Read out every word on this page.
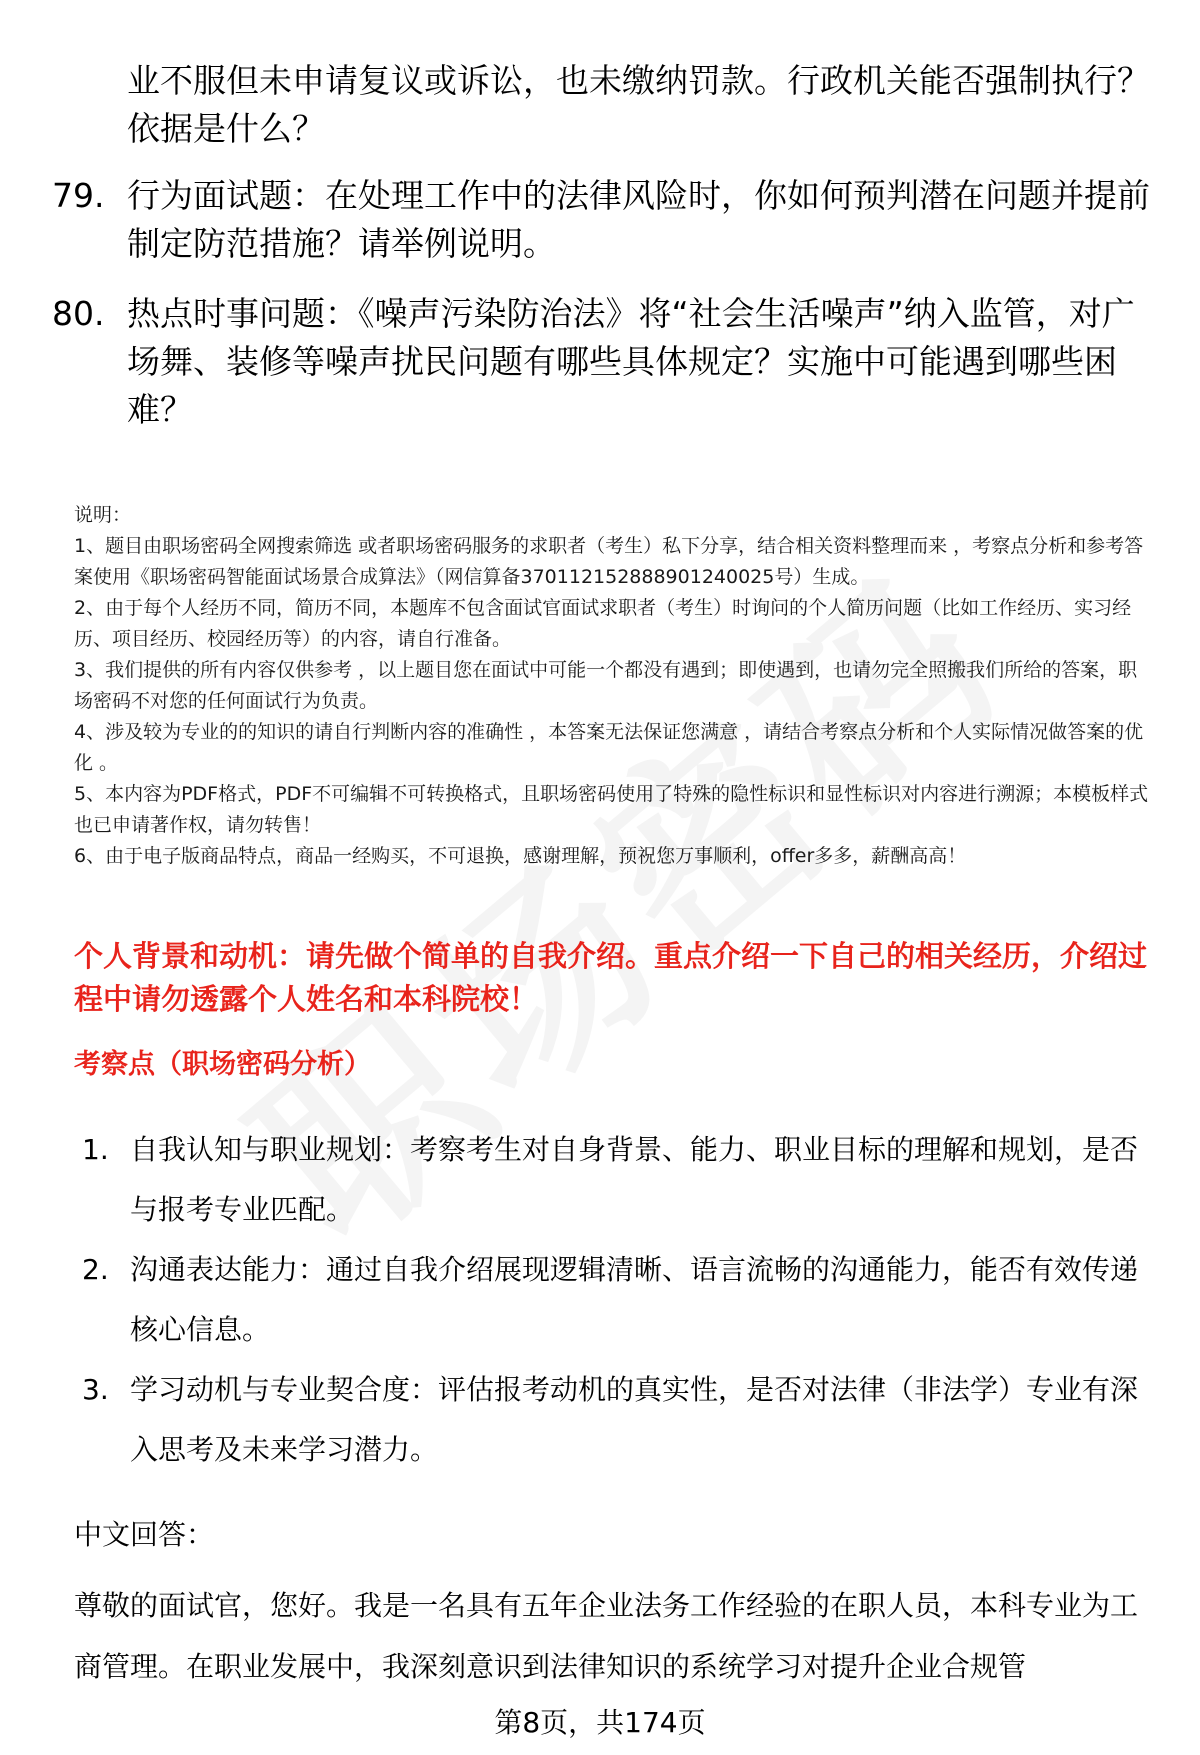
业不服但未申请复议或诉讼，也未缴纳罚款。行政机关能否强制执行？依据是什么？
79. 行为面试题：在处理工作中的法律风险时，你如何预判潜在问题并提前制定防范措施？请举例说明。
80. 热点时事问题：《噪声污染防治法》将“社会生活噪声”纳入监管，对广场舞、装修等噪声扰民问题有哪些具体规定？实施中可能遇到哪些困难？

说明：

1、题目由职场密码全网搜索筛选 或者职场密码服务的求职者（考生）私下分享，结合相关资料整理而来 ，考察点分析和参考答案使用《职场密码智能面试场景合成算法》（网信算备370112152888901240025号）生成。

2、由于每个人经历不同，简历不同，本题库不包含面试官面试求职者（考生）时询问的个人简历问题（比如工作经历、实习经历、项目经历、校园经历等）的内容，请自行准备。

3、我们提供的所有内容仅供参考 ，以上题目您在面试中可能一个都没有遇到；即使遇到，也请勿完全照搬我们所给的答案，职场密码不对您的任何面试行为负责。

4、涉及较为专业的的知识的请自行判断内容的准确性 ，本答案无法保证您满意 ，请结合考察点分析和个人实际情况做答案的优化 。

5、本内容为PDF格式，PDF不可编辑不可转换格式，且职场密码使用了特殊的隐性标识和显性标识对内容进行溯源；本模板样式也已申请著作权，请勿转售！

6、由于电子版商品特点，商品一经购买，不可退换，感谢理解，预祝您万事顺利，offer多多，薪酬高高！

个人背景和动机：请先做个简单的自我介绍。重点介绍一下自己的相关经历，介绍过程中请勿透露个人姓名和本科院校！
考察点（职场密码分析）
1. 自我认知与职业规划：考察考生对自身背景、能力、职业目标的理解和规划，是否与报考专业匹配。
2. 沟通表达能力：通过自我介绍展现逻辑清晰、语言流畅的沟通能力，能否有效传递核心信息。
3. 学习动机与专业契合度：评估报考动机的真实性，是否对法律（非法学）专业有深入思考及未来学习潜力。
中文回答：
尊敬的面试官，您好。我是一名具有五年企业法务工作经验的在职人员，本科专业为工商管理。在职业发展中，我深刻意识到法律知识的系统学习对提升企业合规管
第8页，共174页
